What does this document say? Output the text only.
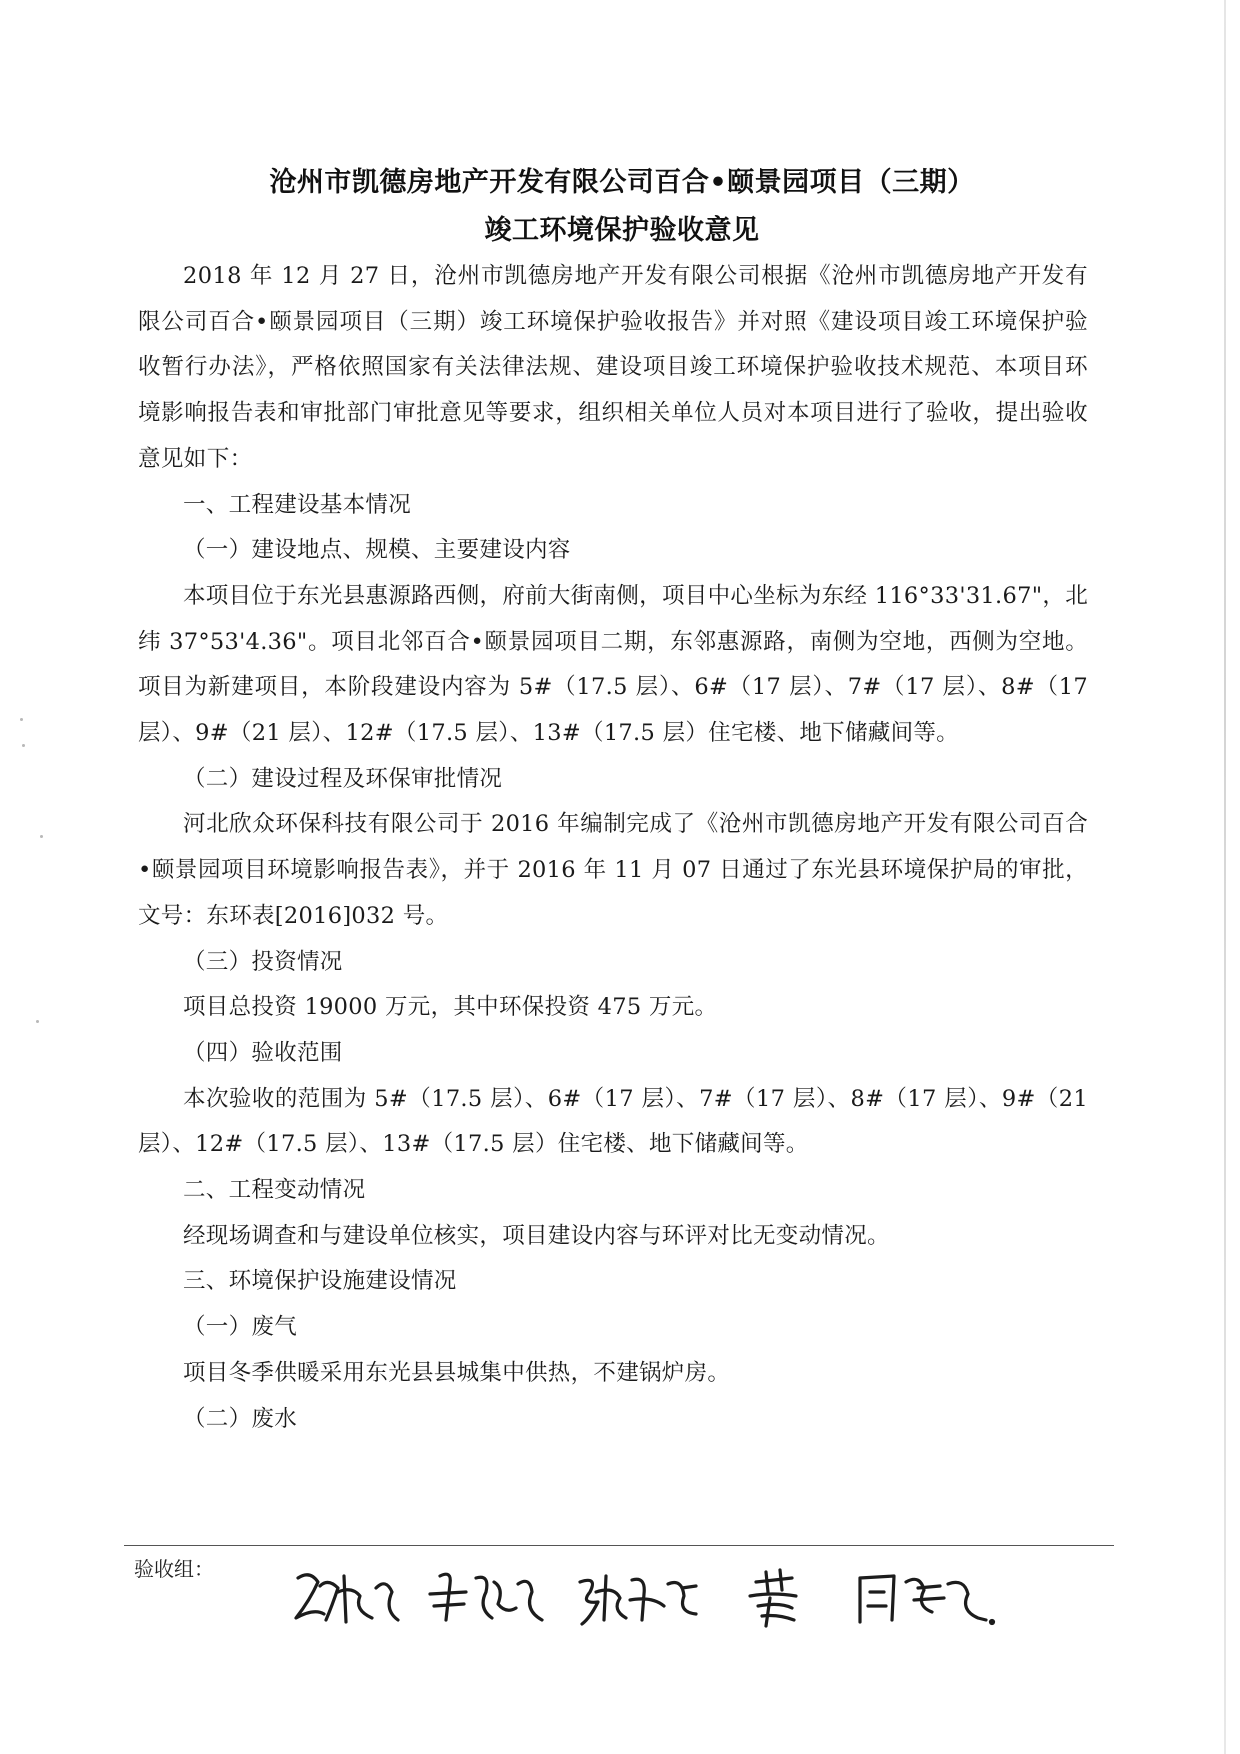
沧州市凯德房地产开发有限公司百合•颐景园项目（三期）
竣工环境保护验收意见

2018 年 12 月 27 日，沧州市凯德房地产开发有限公司根据《沧州市凯德房地产开发有限公司百合•颐景园项目（三期）竣工环境保护验收报告》并对照《建设项目竣工环境保护验收暂行办法》，严格依照国家有关法律法规、建设项目竣工环境保护验收技术规范、本项目环境影响报告表和审批部门审批意见等要求，组织相关单位人员对本项目进行了验收，提出验收意见如下：

一、工程建设基本情况

（一）建设地点、规模、主要建设内容

本项目位于东光县惠源路西侧，府前大街南侧，项目中心坐标为东经 116°33'31.67"，北纬 37°53'4.36"。项目北邻百合•颐景园项目二期，东邻惠源路，南侧为空地，西侧为空地。项目为新建项目，本阶段建设内容为 5#（17.5 层）、6#（17 层）、7#（17 层）、8#（17 层）、9#（21 层）、12#（17.5 层）、13#（17.5 层）住宅楼、地下储藏间等。

（二）建设过程及环保审批情况

河北欣众环保科技有限公司于 2016 年编制完成了《沧州市凯德房地产开发有限公司百合•颐景园项目环境影响报告表》，并于 2016 年 11 月 07 日通过了东光县环境保护局的审批，文号：东环表[2016]032 号。

（三）投资情况

项目总投资 19000 万元，其中环保投资 475 万元。

（四）验收范围

本次验收的范围为 5#（17.5 层）、6#（17 层）、7#（17 层）、8#（17 层）、9#（21 层）、12#（17.5 层）、13#（17.5 层）住宅楼、地下储藏间等。

二、工程变动情况

经现场调查和与建设单位核实，项目建设内容与环评对比无变动情况。

三、环境保护设施建设情况

（一）废气

项目冬季供暖采用东光县县城集中供热，不建锅炉房。

（二）废水

验收组：
